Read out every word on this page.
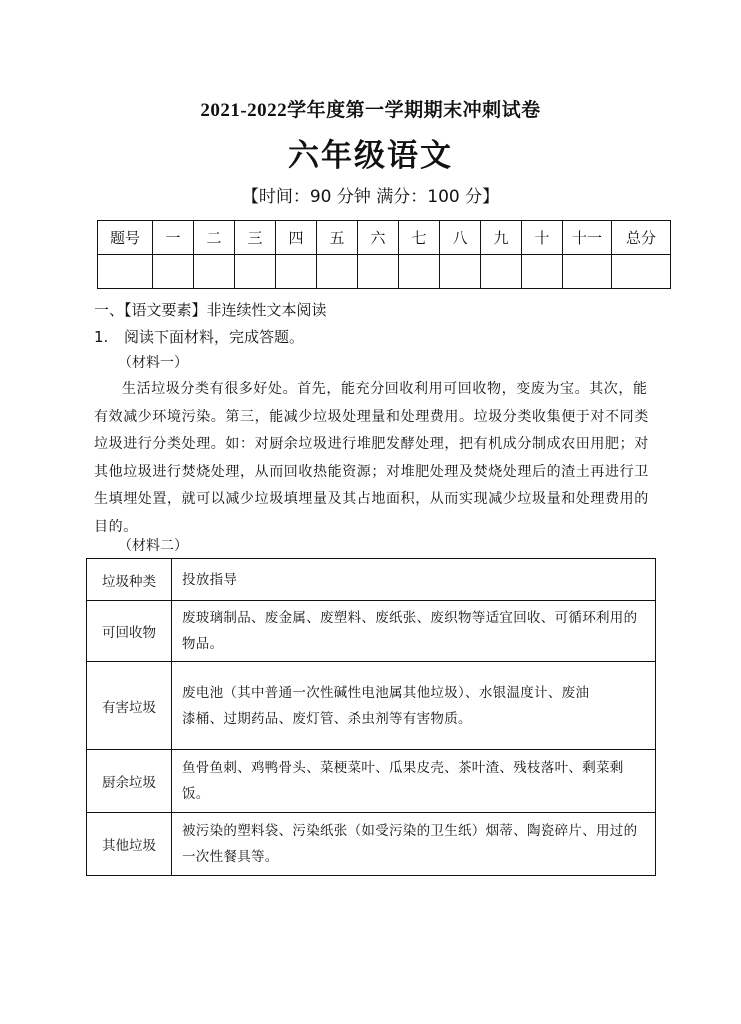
2021-2022学年度第一学期期末冲刺试卷
六年级语文
【时间：90 分钟 满分：100 分】
题号	一	二	三	四	五	六	七	八	九	十	十一	总分

一、【语文要素】非连续性文本阅读
1. 阅读下面材料，完成答题。
（材料一）

生活垃圾分类有很多好处。首先，能充分回收利用可回收物，变废为宝。其次，能有效减少环境污染。第三，能减少垃圾处理量和处理费用。垃圾分类收集便于对不同类垃圾进行分类处理。如：对厨余垃圾进行堆肥发酵处理，把有机成分制成农田用肥；对其他垃圾进行焚烧处理，从而回收热能资源；对堆肥处理及焚烧处理后的渣土再进行卫生填埋处置，就可以减少垃圾填埋量及其占地面积，从而实现减少垃圾量和处理费用的目的。

（材料二）
垃圾种类	投放指导
可回收物	废玻璃制品、废金属、废塑料、废纸张、废织物等适宜回收、可循环利用的物品。

有害垃圾	废电池（其中普通一次性碱性电池属其他垃圾）、水银温度计、废油
漆桶、过期药品、废灯管、杀虫剂等有害物质。

厨余垃圾	鱼骨鱼刺、鸡鸭骨头、菜梗菜叶、瓜果皮壳、茶叶渣、残枝落叶、剩菜剩饭。

其他垃圾	被污染的塑料袋、污染纸张（如受污染的卫生纸）烟蒂、陶瓷碎片、用过的一次性餐具等。
